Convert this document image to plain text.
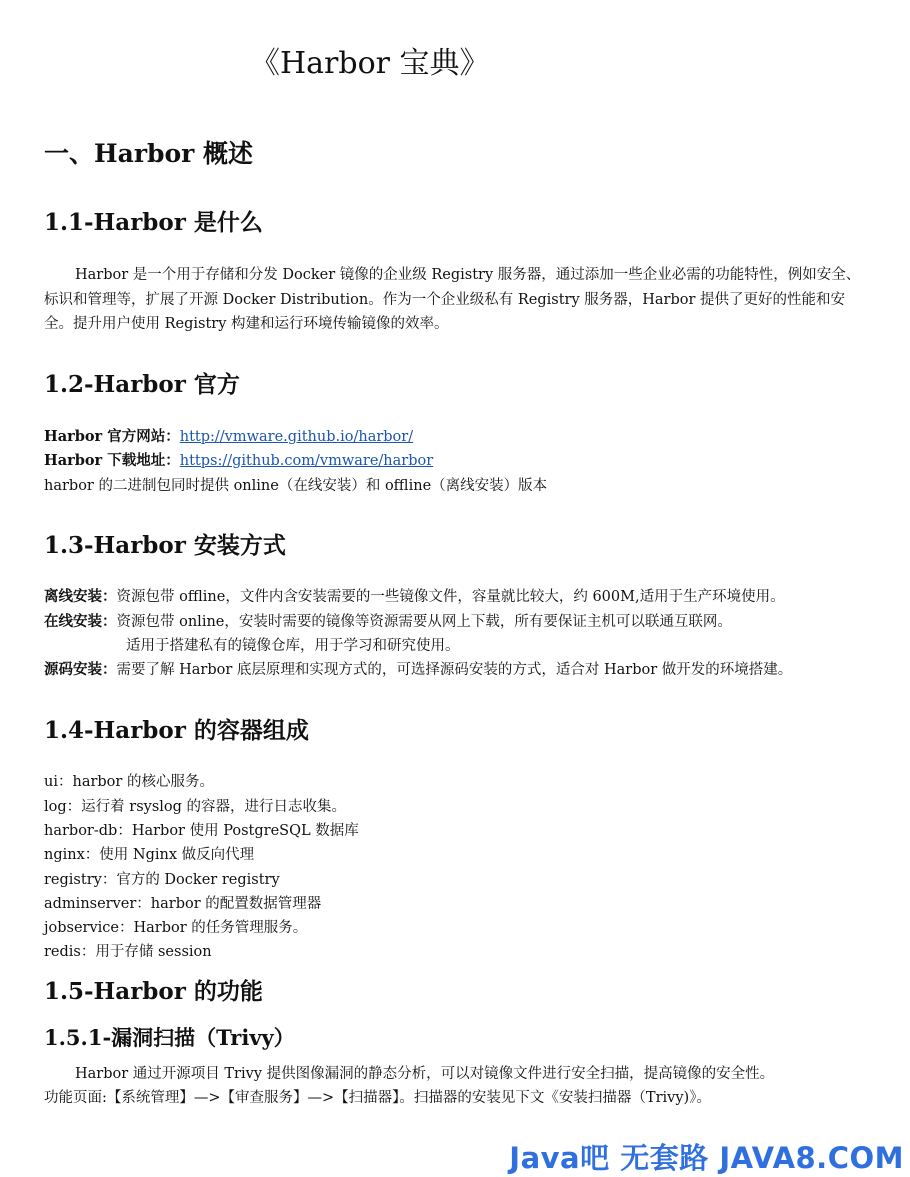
《Harbor 宝典》
一、Harbor 概述
1.1-Harbor 是什么
Harbor 是一个用于存储和分发 Docker 镜像的企业级 Registry 服务器，通过添加一些企业必需的功能特性，例如安全、标识和管理等，扩展了开源 Docker Distribution。作为一个企业级私有 Registry 服务器，Harbor 提供了更好的性能和安全。提升用户使用 Registry 构建和运行环境传输镜像的效率。
1.2-Harbor 官方
Harbor 官方网站：http://vmware.github.io/harbor/
Harbor 下载地址：https://github.com/vmware/harbor
harbor 的二进制包同时提供 online（在线安装）和 offline（离线安装）版本
1.3-Harbor 安装方式
离线安装：资源包带 offline，文件内含安装需要的一些镜像文件，容量就比较大，约 600M,适用于生产环境使用。
在线安装：资源包带 online，安装时需要的镜像等资源需要从网上下载，所有要保证主机可以联通互联网。
适用于搭建私有的镜像仓库，用于学习和研究使用。
源码安装：需要了解 Harbor 底层原理和实现方式的，可选择源码安装的方式，适合对 Harbor 做开发的环境搭建。
1.4-Harbor 的容器组成
ui：harbor 的核心服务。
log：运行着 rsyslog 的容器，进行日志收集。
harbor-db：Harbor 使用 PostgreSQL 数据库
nginx：使用 Nginx 做反向代理
registry：官方的 Docker registry
adminserver：harbor 的配置数据管理器
jobservice：Harbor 的任务管理服务。
redis：用于存储 session
1.5-Harbor 的功能
1.5.1-漏洞扫描（Trivy）
Harbor 通过开源项目 Trivy 提供图像漏洞的静态分析，可以对镜像文件进行安全扫描，提高镜像的安全性。
功能页面:【系统管理】—>【审查服务】—>【扫描器】。扫描器的安装见下文《安装扫描器（Trivy)》。
Java吧 无套路 JAVA8.COM
